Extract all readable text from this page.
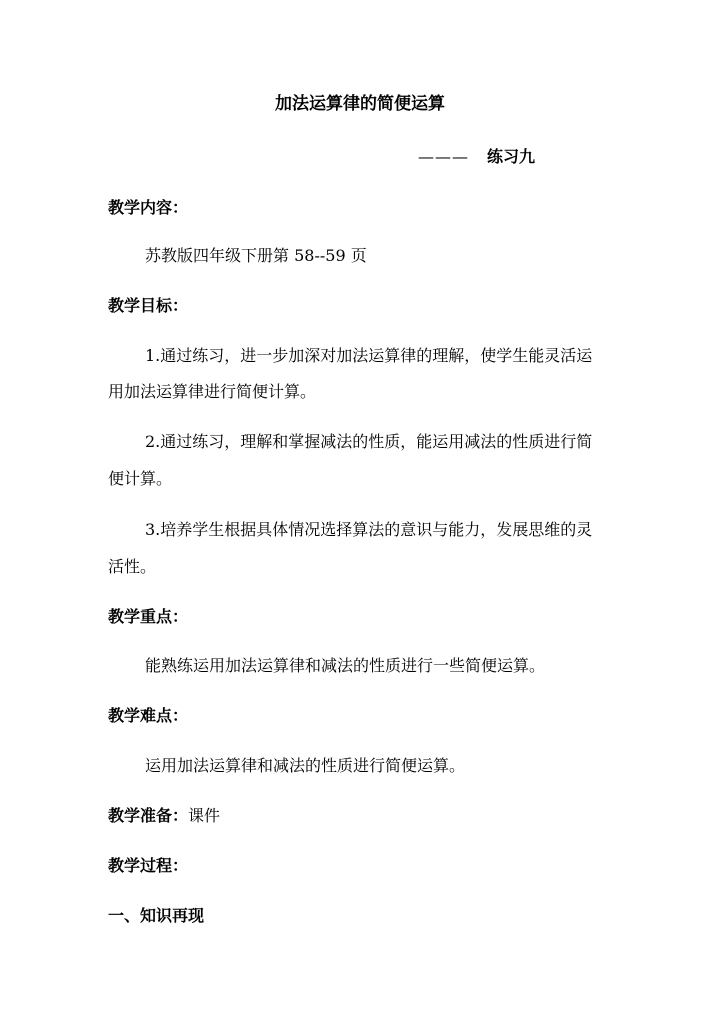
加法运算律的简便运算
——— 练习九
教学内容：
苏教版四年级下册第 58--59 页
教学目标：
1.通过练习，进一步加深对加法运算律的理解，使学生能灵活运
用加法运算律进行简便计算。
2.通过练习，理解和掌握减法的性质，能运用减法的性质进行简
便计算。
3.培养学生根据具体情况选择算法的意识与能力，发展思维的灵
活性。
教学重点：
能熟练运用加法运算律和减法的性质进行一些简便运算。
教学难点：
运用加法运算律和减法的性质进行简便运算。
教学准备：课件
教学过程：
一、知识再现
